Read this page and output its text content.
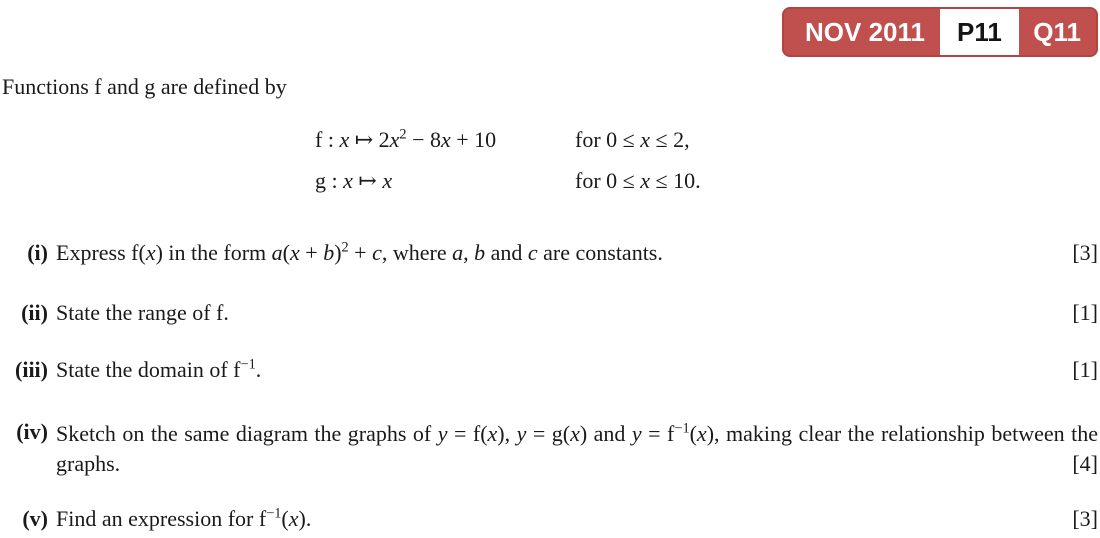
NOV 2011	P11	Q11

Functions f and g are defined by

f : x ↦ $2x^2 - 8x + 10$	for 0 ≤ x ≤ 2,
g : x ↦ x	for 0 ≤ x ≤ 10.
(i) Express f(x) in the form $a(x + b)^2 + c$, where a, b and c are constants.	[3]
(ii) State the range of f.	[1]
(iii) State the domain of $f^{-1}$.	[1]
(iv) Sketch on the same diagram the graphs of y = f(x), y = g(x) and $y = f^{-1}(x)$, making clear the relationship between the graphs.	[4]
(v) Find an expression for $f^{-1}(x)$.	[3]
